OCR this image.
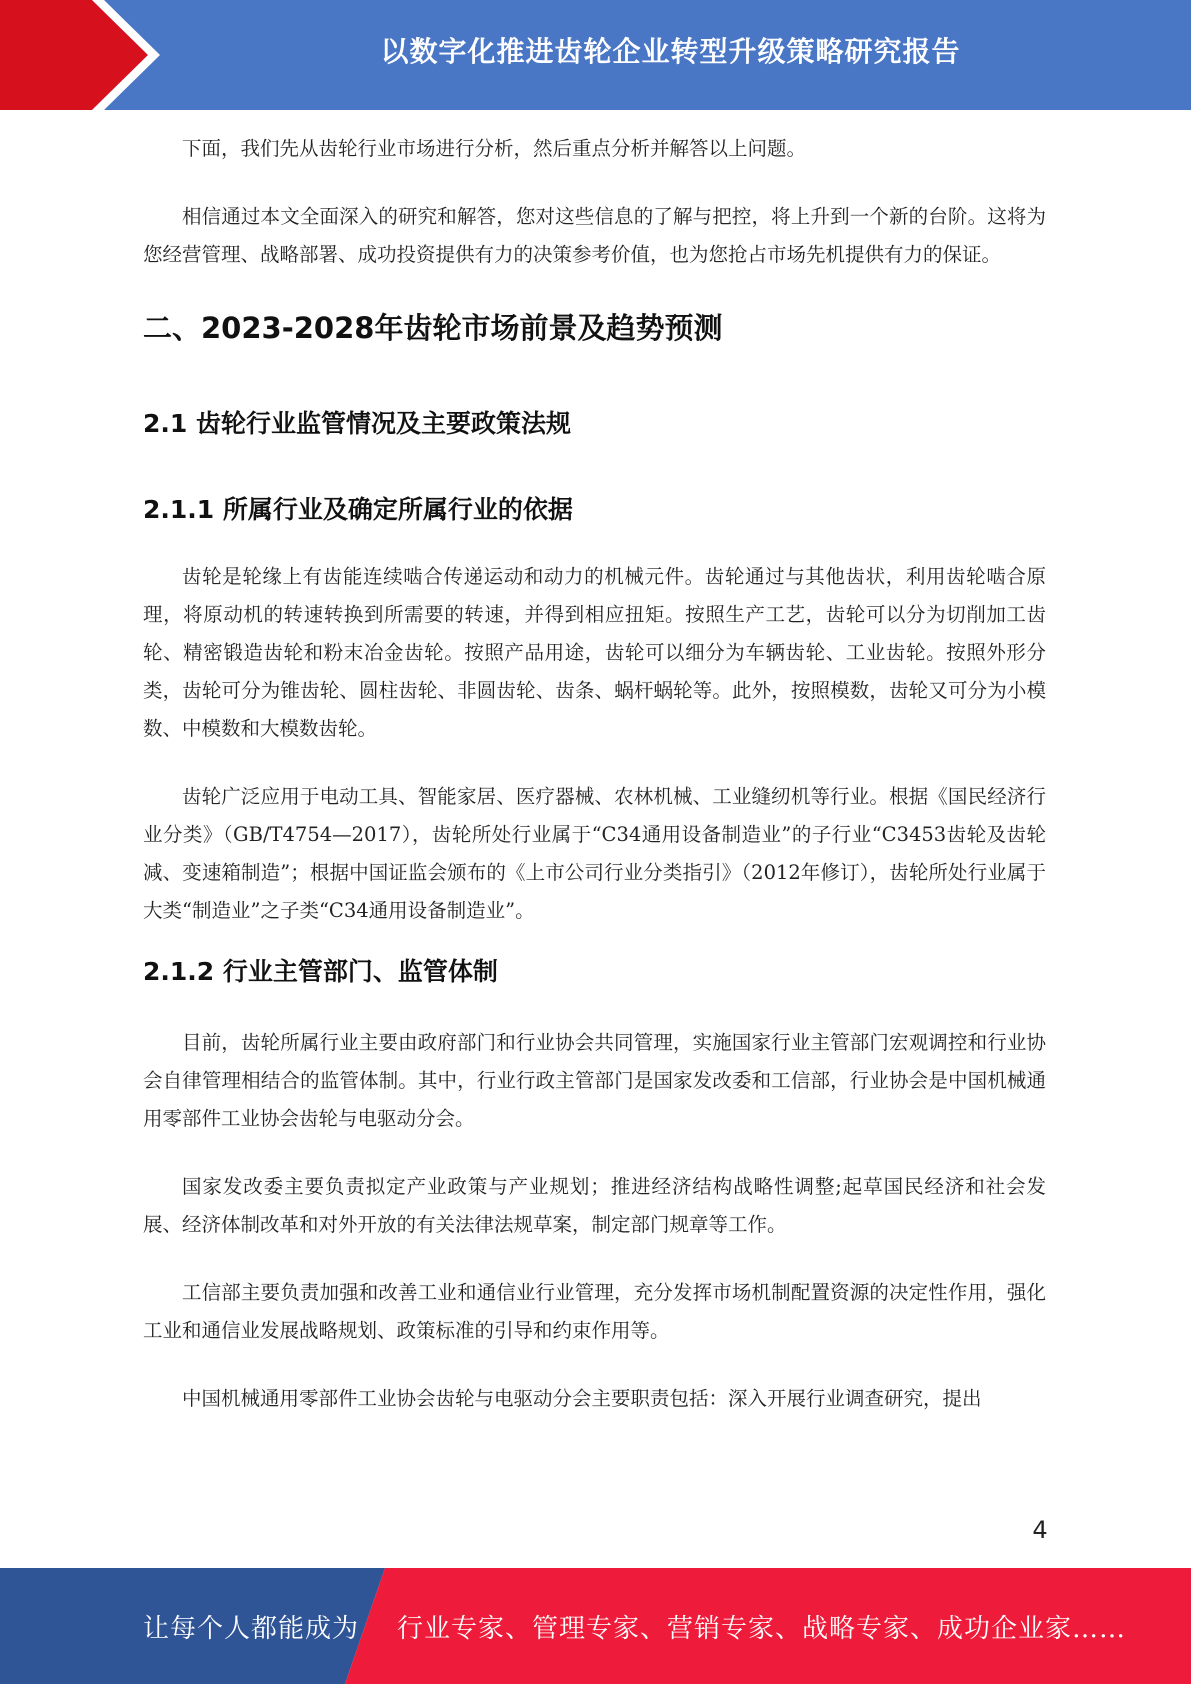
以数字化推进齿轮企业转型升级策略研究报告

下面，我们先从齿轮行业市场进行分析，然后重点分析并解答以上问题。

相信通过本文全面深入的研究和解答，您对这些信息的了解与把控，将上升到一个新的台阶。这将为您经营管理、战略部署、成功投资提供有力的决策参考价值，也为您抢占市场先机提供有力的保证。

二、2023-2028年齿轮市场前景及趋势预测
2.1 齿轮行业监管情况及主要政策法规
2.1.1 所属行业及确定所属行业的依据

齿轮是轮缘上有齿能连续啮合传递运动和动力的机械元件。齿轮通过与其他齿状，利用齿轮啮合原理，将原动机的转速转换到所需要的转速，并得到相应扭矩。按照生产工艺，齿轮可以分为切削加工齿轮、精密锻造齿轮和粉末冶金齿轮。按照产品用途，齿轮可以细分为车辆齿轮、工业齿轮。按照外形分类，齿轮可分为锥齿轮、圆柱齿轮、非圆齿轮、齿条、蜗杆蜗轮等。此外，按照模数，齿轮又可分为小模数、中模数和大模数齿轮。

齿轮广泛应用于电动工具、智能家居、医疗器械、农林机械、工业缝纫机等行业。根据《国民经济行业分类》（GB/T4754—2017），齿轮所处行业属于“C34通用设备制造业”的子行业“C3453齿轮及齿轮减、变速箱制造”；根据中国证监会颁布的《上市公司行业分类指引》（2012年修订），齿轮所处行业属于大类“制造业”之子类“C34通用设备制造业”。

2.1.2 行业主管部门、监管体制

目前，齿轮所属行业主要由政府部门和行业协会共同管理，实施国家行业主管部门宏观调控和行业协会自律管理相结合的监管体制。其中，行业行政主管部门是国家发改委和工信部，行业协会是中国机械通用零部件工业协会齿轮与电驱动分会。

国家发改委主要负责拟定产业政策与产业规划；推进经济结构战略性调整;起草国民经济和社会发展、经济体制改革和对外开放的有关法律法规草案，制定部门规章等工作。

工信部主要负责加强和改善工业和通信业行业管理，充分发挥市场机制配置资源的决定性作用，强化工业和通信业发展战略规划、政策标准的引导和约束作用等。

中国机械通用零部件工业协会齿轮与电驱动分会主要职责包括：深入开展行业调查研究，提出

4
让每个人都能成为 行业专家、管理专家、营销专家、战略专家、成功企业家……
